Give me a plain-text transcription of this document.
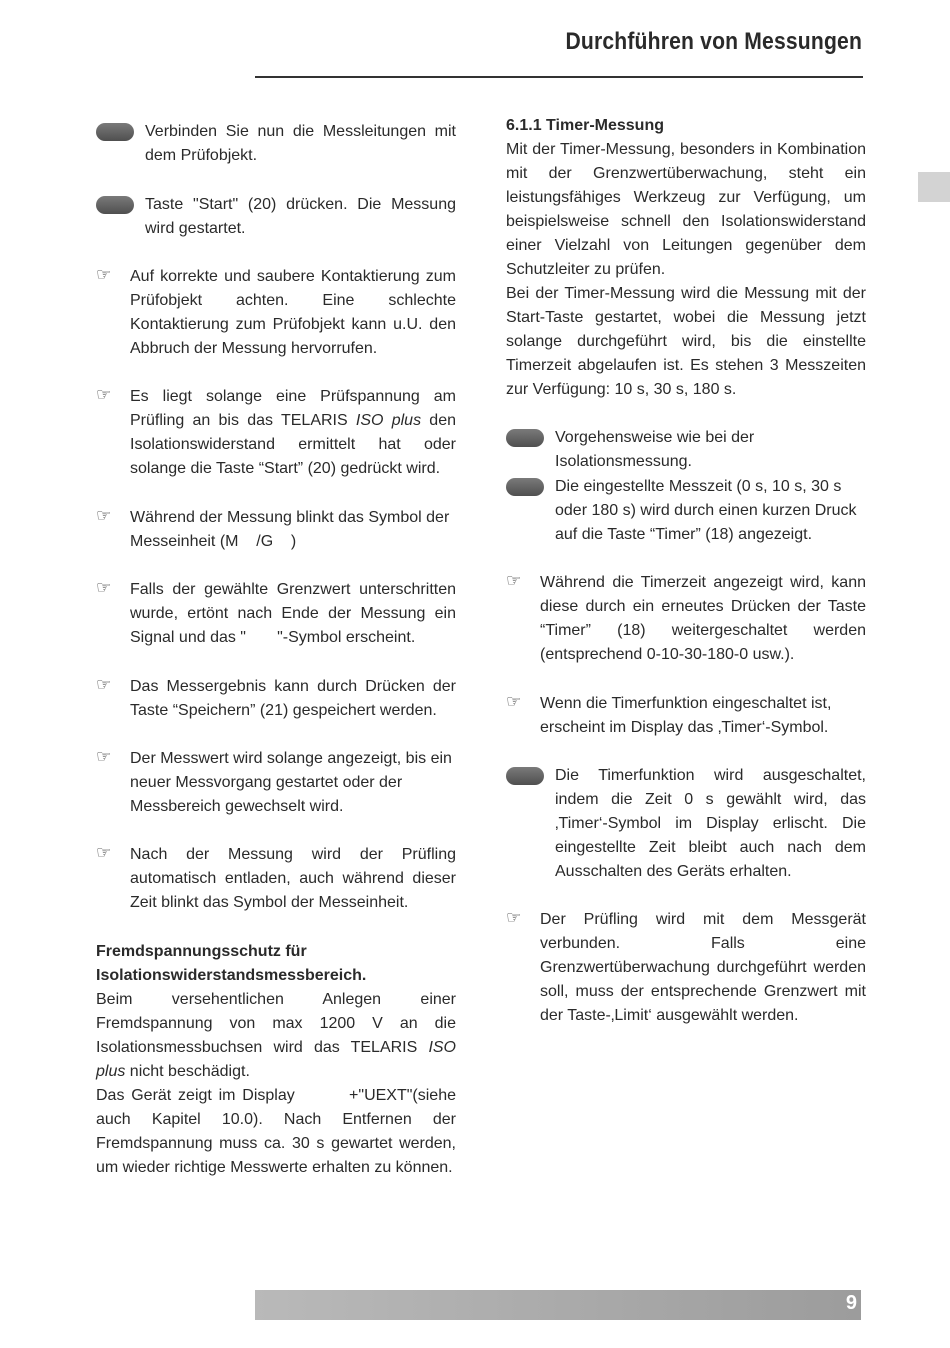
Durchführen von Messungen
Verbinden Sie nun die Messleitungen mit dem Prüfobjekt.
Taste "Start" (20) drücken. Die Messung wird gestartet.
☞ Auf korrekte und saubere Kontaktierung zum Prüfobjekt achten. Eine schlechte Kontaktierung zum Prüfobjekt kann u.U. den Abbruch der Messung hervorrufen.
☞ Es liegt solange eine Prüfspannung am Prüfling an bis das TELARIS ISO plus den Isolationswiderstand ermittelt hat oder solange die Taste “Start” (20) gedrückt wird.
☞ Während der Messung blinkt das Symbol der Messeinheit (M    /G    )
☞ Falls der gewählte Grenzwert unterschritten wurde, ertönt nach Ende der Messung ein Signal und das "       "-Symbol erscheint.
☞ Das Messergebnis kann durch Drücken der Taste “Speichern” (21) gespeichert werden.
☞ Der Messwert wird solange angezeigt, bis ein neuer Messvorgang gestartet oder der Messbereich gewechselt wird.
☞ Nach der Messung wird der Prüfling automatisch entladen, auch während dieser Zeit blinkt das Symbol der Messeinheit.
Fremdspannungsschutz für Isolationswiderstandsmessbereich.
Beim versehentlichen Anlegen einer Fremdspannung von max 1200 V an die Isolationsmessbuchsen wird das TELARIS ISO plus nicht beschädigt.
Das Gerät zeigt im Display        +"UEXT"(siehe auch Kapitel 10.0). Nach Entfernen der Fremdspannung muss ca. 30 s gewartet werden, um wieder richtige Messwerte erhalten zu können.
6.1.1 Timer-Messung
Mit der Timer-Messung, besonders in Kombination mit der Grenzwertüberwachung, steht ein leistungsfähiges Werkzeug zur Verfügung, um beispielsweise schnell den Isolationswiderstand einer Vielzahl von Leitungen gegenüber dem Schutzleiter zu prüfen.
Bei der Timer-Messung wird die Messung mit der Start-Taste gestartet, wobei die Messung jetzt solange durchgeführt wird, bis die einstellte Timerzeit abgelaufen ist. Es stehen 3 Messzeiten zur Verfügung: 10 s, 30 s, 180 s.
Vorgehensweise wie bei der Isolationsmessung.
Die eingestellte Messzeit (0 s, 10 s, 30 s oder 180 s) wird durch einen kurzen Druck auf die Taste “Timer” (18) angezeigt.
☞ Während die Timerzeit angezeigt wird, kann diese durch ein erneutes Drücken der Taste “Timer” (18) weitergeschaltet werden (entsprechend 0-10-30-180-0 usw.).
☞ Wenn die Timerfunktion eingeschaltet ist, erscheint im Display das ‚Timer‘-Symbol.
Die Timerfunktion wird ausgeschaltet, indem die Zeit 0 s gewählt wird, das ‚Timer‘-Symbol im Display erlischt. Die eingestellte Zeit bleibt auch nach dem Ausschalten des Geräts erhalten.
☞ Der Prüfling wird mit dem Messgerät verbunden. Falls eine Grenzwertüberwachung durchgeführt werden soll, muss der entsprechende Grenzwert mit der Taste-‚Limit‘ ausgewählt werden.
9
